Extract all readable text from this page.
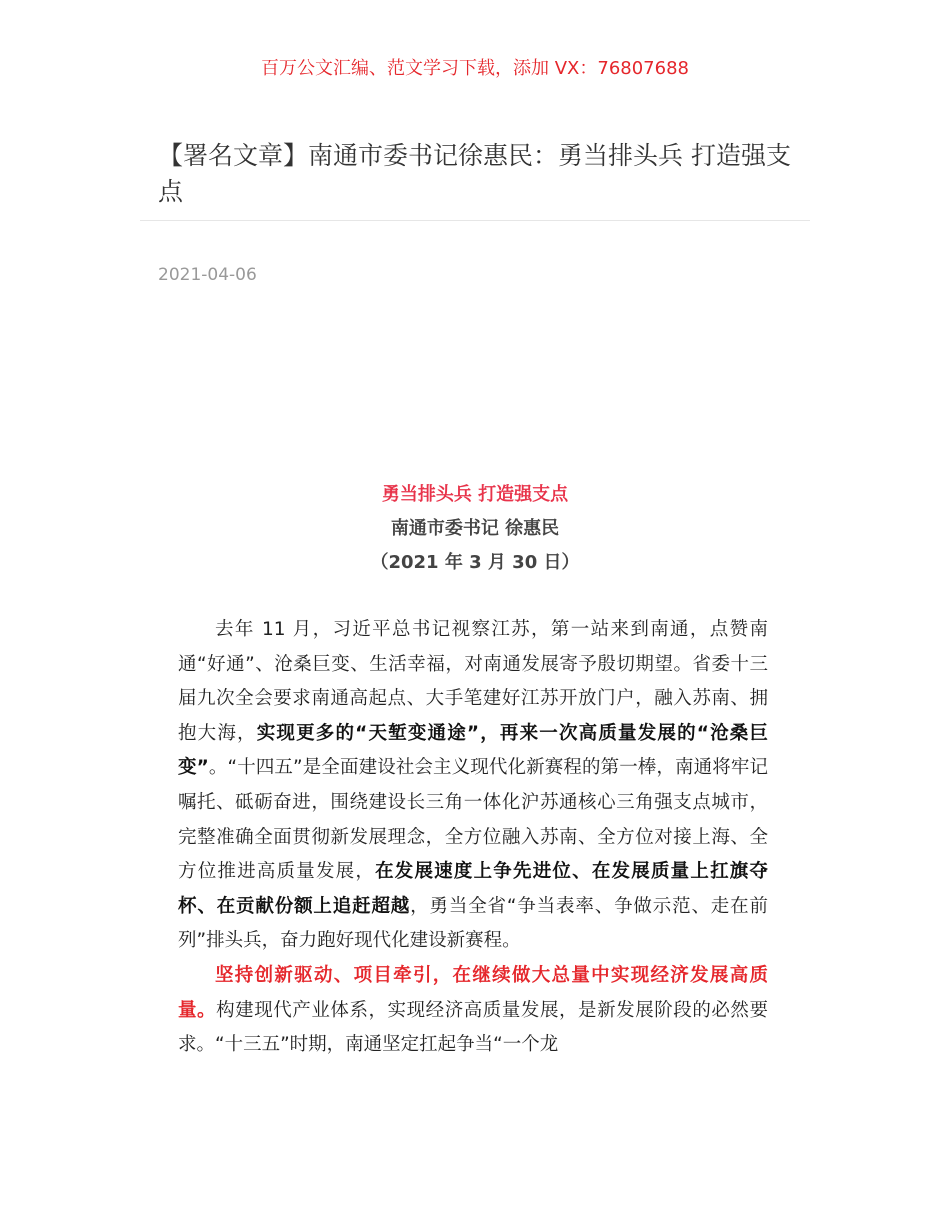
百万公文汇编、范文学习下载，添加 VX：76807688
【署名文章】南通市委书记徐惠民：勇当排头兵 打造强支点
2021-04-06
勇当排头兵 打造强支点
南通市委书记 徐惠民
（2021 年 3 月 30 日）

去年 11 月，习近平总书记视察江苏，第一站来到南通，点赞南通“好通”、沧桑巨变、生活幸福，对南通发展寄予殷切期望。省委十三届九次全会要求南通高起点、大手笔建好江苏开放门户，融入苏南、拥抱大海，实现更多的“天堑变通途”，再来一次高质量发展的“沧桑巨变”。“十四五”是全面建设社会主义现代化新赛程的第一棒，南通将牢记嘱托、砥砺奋进，围绕建设长三角一体化沪苏通核心三角强支点城市，完整准确全面贯彻新发展理念，全方位融入苏南、全方位对接上海、全方位推进高质量发展，在发展速度上争先进位、在发展质量上扛旗夺杯、在贡献份额上追赶超越，勇当全省“争当表率、争做示范、走在前列”排头兵，奋力跑好现代化建设新赛程。

坚持创新驱动、项目牵引，在继续做大总量中实现经济发展高质量。构建现代产业体系，实现经济高质量发展，是新发展阶段的必然要求。“十三五”时期，南通坚定扛起争当“一个龙
